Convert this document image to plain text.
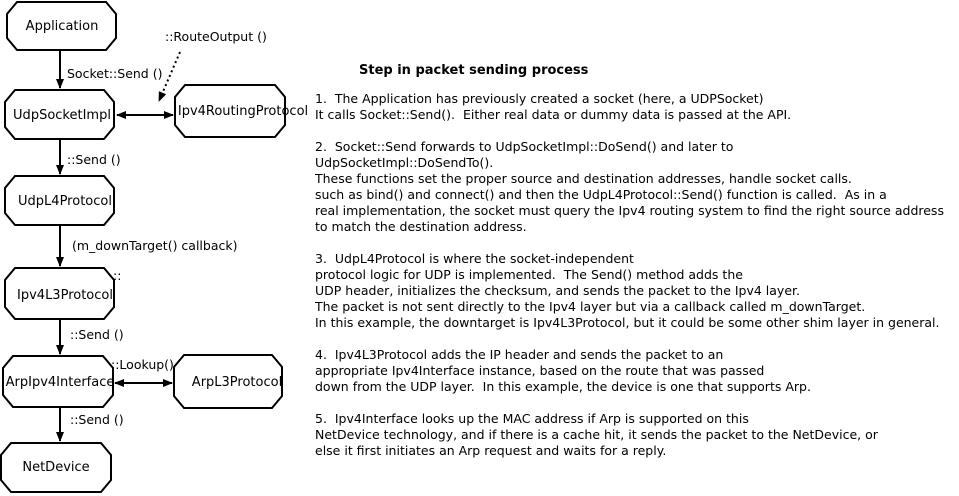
Application
UdpSocketImpl	Ipv4RoutingProtocol
UdpL4Protocol
Ipv4L3Protocol
ArpIpv4Interface	ArpL3Protocol
NetDevice
Socket::Send ()
::RouteOutput ()
::Send ()
(m_downTarget() callback)
::
::Send ()
::Lookup()
::Send ()
Step in packet sending process
1.  The Application has previously created a socket (here, a UDPSocket)
It calls Socket::Send().  Either real data or dummy data is passed at the API.
2.  Socket::Send forwards to UdpSocketImpl::DoSend() and later to
UdpSocketImpl::DoSendTo().
These functions set the proper source and destination addresses, handle socket calls.
such as bind() and connect() and then the UdpL4Protocol::Send() function is called.  As in a
real implementation, the socket must query the Ipv4 routing system to find the right source address
to match the destination address.
3.  UdpL4Protocol is where the socket-independent
protocol logic for UDP is implemented.  The Send() method adds the
UDP header, initializes the checksum, and sends the packet to the Ipv4 layer.
The packet is not sent directly to the Ipv4 layer but via a callback called m_downTarget.
In this example, the downtarget is Ipv4L3Protocol, but it could be some other shim layer in general.
4.  Ipv4L3Protocol adds the IP header and sends the packet to an
appropriate Ipv4Interface instance, based on the route that was passed
down from the UDP layer.  In this example, the device is one that supports Arp.
5.  Ipv4Interface looks up the MAC address if Arp is supported on this
NetDevice technology, and if there is a cache hit, it sends the packet to the NetDevice, or
else it first initiates an Arp request and waits for a reply.
